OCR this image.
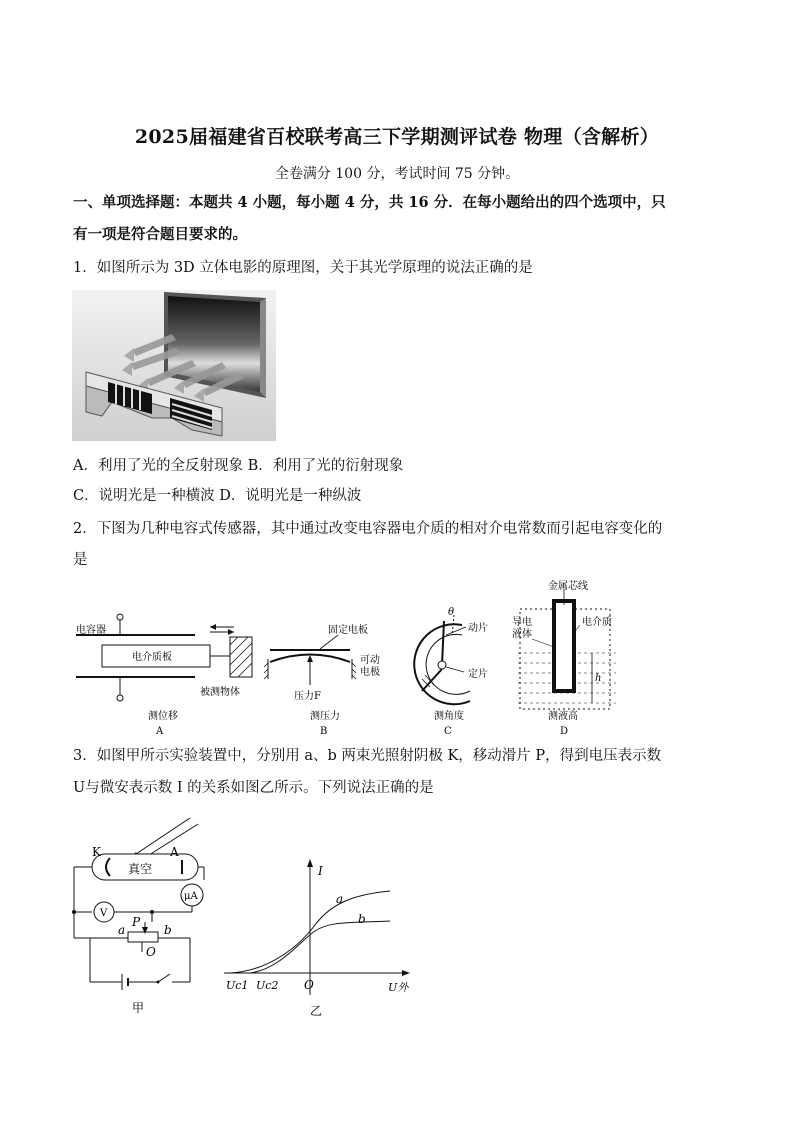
2025届福建省百校联考高三下学期测评试卷 物理（含解析）
全卷满分 100 分，考试时间 75 分钟。
一、单项选择题：本题共 4 小题，每小题 4 分，共 16 分．在每小题给出的四个选项中，只
有一项是符合题目要求的。
1．如图所示为 3D 立体电影的原理图，关于其光学原理的说法正确的是
A．利用了光的全反射现象 B．利用了光的衍射现象
C．说明光是一种横波 D．说明光是一种纵波
2．下图为几种电容式传感器，其中通过改变电容器电介质的相对介电常数而引起电容变化的
是
电容器
电介质板
被测物体
测位移
A
固定电板
可动
电极
压力F
测压力
B
θ
动片
定片
测角度
C
金属芯线
导电
液体
电介质
h
测液高
D
3．如图甲所示实验装置中，分别用 a、b 两束光照射阴极 K，移动滑片 P，得到电压表示数
U与微安表示数 I 的关系如图乙所示。下列说法正确的是
K	A
真空
μA
V
P
a	b
O
甲
I
a
b
O
Uc1 Uc2	U外
乙
